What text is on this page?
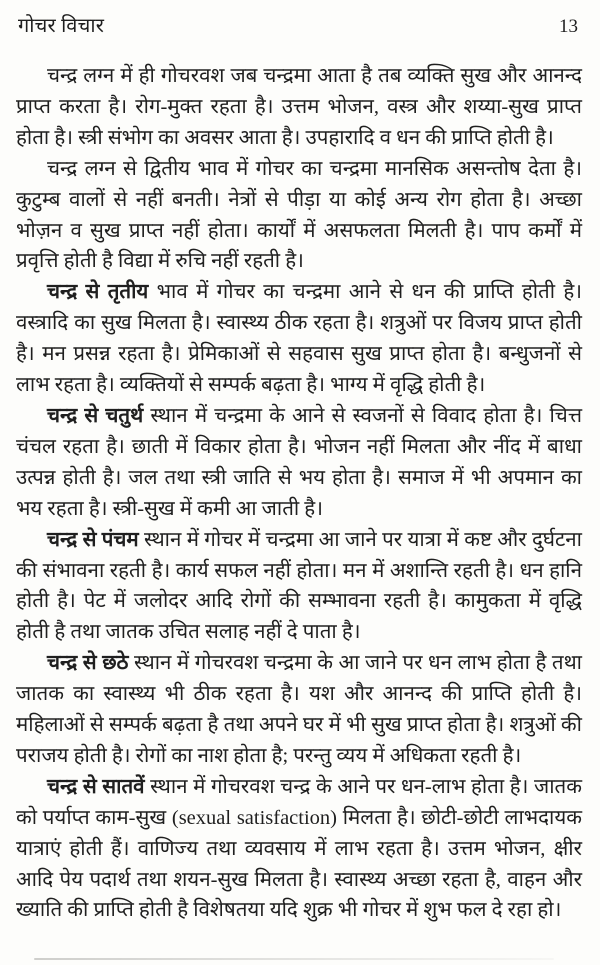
गोचर विचार	13

चन्द्र लग्न में ही गोचरवश जब चन्द्रमा आता है तब व्यक्ति सुख और आनन्द प्राप्त करता है। रोग-मुक्त रहता है। उत्तम भोजन, वस्त्र और शय्या-सुख प्राप्त होता है। स्त्री संभोग का अवसर आता है। उपहारादि व धन की प्राप्ति होती है।

चन्द्र लग्न से द्वितीय भाव में गोचर का चन्द्रमा मानसिक असन्तोष देता है। कुटुम्ब वालों से नहीं बनती। नेत्रों से पीड़ा या कोई अन्य रोग होता है। अच्छा भोज़न व सुख प्राप्त नहीं होता। कार्यों में असफलता मिलती है। पाप कर्मों में प्रवृत्ति होती है विद्या में रुचि नहीं रहती है।

चन्द्र से तृतीय भाव में गोचर का चन्द्रमा आने से धन की प्राप्ति होती है। वस्त्रादि का सुख मिलता है। स्वास्थ्य ठीक रहता है। शत्रुओं पर विजय प्राप्त होती है। मन प्रसन्न रहता है। प्रेमिकाओं से सहवास सुख प्राप्त होता है। बन्धुजनों से लाभ रहता है। व्यक्तियों से सम्पर्क बढ़ता है। भाग्य में वृद्धि होती है।

चन्द्र से चतुर्थ स्थान में चन्द्रमा के आने से स्वजनों से विवाद होता है। चित्त चंचल रहता है। छाती में विकार होता है। भोजन नहीं मिलता और नींद में बाधा उत्पन्न होती है। जल तथा स्त्री जाति से भय होता है। समाज में भी अपमान का भय रहता है। स्त्री-सुख में कमी आ जाती है।

चन्द्र से पंचम स्थान में गोचर में चन्द्रमा आ जाने पर यात्रा में कष्ट और दुर्घटना की संभावना रहती है। कार्य सफल नहीं होता। मन में अशान्ति रहती है। धन हानि होती है। पेट में जलोदर आदि रोगों की सम्भावना रहती है। कामुकता में वृद्धि होती है तथा जातक उचित सलाह नहीं दे पाता है।

चन्द्र से छठे स्थान में गोचरवश चन्द्रमा के आ जाने पर धन लाभ होता है तथा जातक का स्वास्थ्य भी ठीक रहता है। यश और आनन्द की प्राप्ति होती है। महिलाओं से सम्पर्क बढ़ता है तथा अपने घर में भी सुख प्राप्त होता है। शत्रुओं की पराजय होती है। रोगों का नाश होता है; परन्तु व्यय में अधिकता रहती है।

चन्द्र से सातवें स्थान में गोचरवश चन्द्र के आने पर धन-लाभ होता है। जातक को पर्याप्त काम-सुख (sexual satisfaction) मिलता है। छोटी-छोटी लाभदायक यात्राएं होती हैं। वाणिज्य तथा व्यवसाय में लाभ रहता है। उत्तम भोजन, क्षीर आदि पेय पदार्थ तथा शयन-सुख मिलता है। स्वास्थ्य अच्छा रहता है, वाहन और ख्याति की प्राप्ति होती है विशेषतया यदि शुक्र भी गोचर में शुभ फल दे रहा हो।
